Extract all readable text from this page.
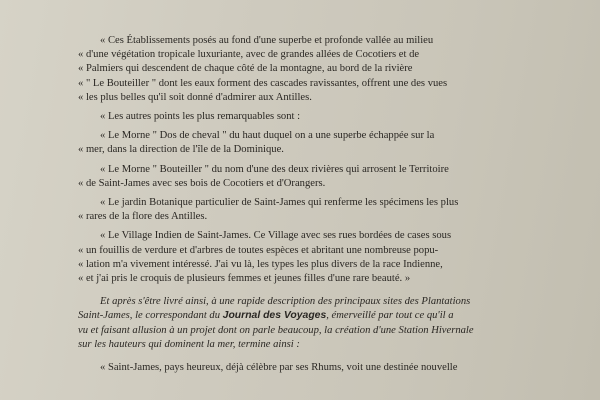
« Ces Établissements posés au fond d'une superbe et profonde vallée au milieu
« d'une végétation tropicale luxuriante, avec de grandes allées de Cocotiers et de
« Palmiers qui descendent de chaque côté de la montagne, au bord de la rivière
« " Le Bouteiller " dont les eaux forment des cascades ravissantes, offrent une des vues
« les plus belles qu'il soit donné d'admirer aux Antilles.
« Les autres points les plus remarquables sont :
« Le Morne " Dos de cheval " du haut duquel on a une superbe échappée sur la
« mer, dans la direction de l'île de la Dominique.
« Le Morne " Bouteiller " du nom d'une des deux rivières qui arrosent le Territoire
« de Saint-James avec ses bois de Cocotiers et d'Orangers.
« Le jardin Botanique particulier de Saint-James qui renferme les spécimens les plus
« rares de la flore des Antilles.
« Le Village Indien de Saint-James. Ce Village avec ses rues bordées de cases sous
« un fouillis de verdure et d'arbres de toutes espèces et abritant une nombreuse popu-
« lation m'a vivement intéressé. J'ai vu là, les types les plus divers de la race Indienne,
« et j'ai pris le croquis de plusieurs femmes et jeunes filles d'une rare beauté. »
Et après s'être livré ainsi, à une rapide description des principaux sites des Plantations
Saint-James, le correspondant du Journal des Voyages, émerveillé par tout ce qu'il a
vu et faisant allusion à un projet dont on parle beaucoup, la création d'une Station Hivernale
sur les hauteurs qui dominent la mer, termine ainsi :
« Saint-James, pays heureux, déjà célèbre par ses Rhums, voit une destinée nouvelle
